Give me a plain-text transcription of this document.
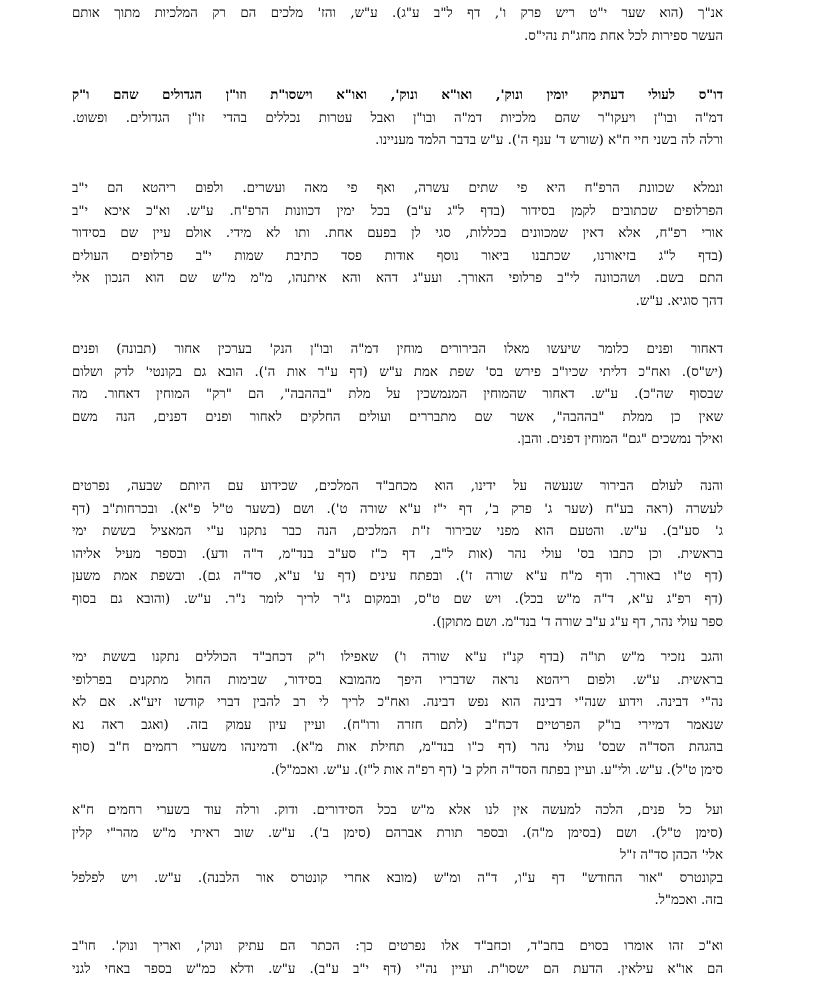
אנ"ך (הוא שער י"ט ריש פרק ו', דף ל"ב ע"ג). ע"ש, והז' מלכים הם רק המלכיות מתוך אותם
העשר ספירות לכל אחת מחג"ת נהי"ס.
דו"ס לעולי דעתיק יומין ונוק', ואו"א ונוק', ואו"א וישסו"ת וזו"ן הגדולים שהם ו"ק
דמ"ה ובו"ן ויעקו"ר שהם מלכיות דמ"ה ובו"ן ואבל עטרות נכללים בהדי זו"ן הגדולים. ופשוט.
ורלה לה בשני חיי ח"א (שורש ד' ענף ה'). ע"ש בדבר הלמד מעניינו.
ונמלא שכוונת הרפ"ח היא פי שתים עשרה, ואף פי מאה ועשרים. ולפום ריהטא הם י"ב
הפרלופים שכתובים לקמן בסידור (בדף ל"ג ע"ב) בכל ימין דכוונות הרפ"ח. ע"ש. וא"כ איכא י"ב
אורי רפ"ח, אלא דאין שמכוונים בכללות, סגי לן בפעם אחת. ותו לא מידי. אולם עיין שם בסידור
(בדף ל"ג בזיאורנו, שכתבנו ביאור נוסף אודות פסד כתיבת שמות י"ב פרלופים העולים
התם בשם. ושהכוונה לי"ב פרלופי האורך. ועע"ג דהא והא איתנהו, מ"מ מ"ש שם הוא הנכון אלי
דהך סוגיא. ע"ש.
דאחור ופנים כלומר שיעשו מאלו הבירורים מוחין דמ"ה ובו"ן הנק' בערכין אחור (תבונה) ופנים
(יש"ס). ואח"כ דליתי שכיו"ב פירש בס' שפת אמת ע"ש (דף ע"ר אות ה'). הובא גם בקונטי' לדק ושלום
שבסוף שה"כ). ע"ש. דאחור שהמוחין המנמשכין על מלת "בההבה", הם "רק" המוחין דאחור. מה
שאין כן ממלת "בההבה", אשר שם מתבררים ועולים החלקים לאחור ופנים דפנים, הנה משם
ואילך נמשכים "גם" המוחין דפנים. והבן.
והנה לעולם הבירור שנעשה על ידינו, הוא מכחב"ד המלכים, שכידוע עם היותם שבעה, נפרטים
לעשרה (ראה בע"ח (שער ג' פרק ב', דף י"ז ע"א שורה ט'). ושם (בשער ט"ל פ"א). ובכרחות"ב (דף
ג' סע"ב). ע"ש. והטעם הוא מפני שבירור ז"ת המלכים, הנה כבר נתקנו ע"י המאציל בששת ימי
בראשית. וכן כתבו בס' עולי נהר (אות ל"ב, דף כ"ז סע"ב בנד"מ, ד"ה ודע). ובספר מעיל אליהו
(דף ט"ו באורך. ודף מ"ח ע"א שורה ז'). ובפתח עינים (דף ע' ע"א, סד"ה גם). ובשפת אמת משען
(דף רפ"ג ע"א, ד"ה מ"ש בכל). ויש שם ט"ס, ובמקום ג"ר לריך לומר נ"ר. ע"ש. (והובא גם בסוף
ספר עולי נהר, דף ע"ג ע"ב שורה ד' בנד"מ. ושם מתוקן).
והגב נזכיר מ"ש תו"ה (בדף קנ"ז ע"א שורה ו') שאפילו ו"ק דכחב"ד הכוללים נתקנו בששת ימי
בראשית. ע"ש. ולפום ריהטא נראה שדבריו היפך מהמובא בסידור, שבימות החול מתקנים בפרלופי
נה"י דבינה. וידוע שנה"י דבינה הוא נפש דבינה. ואח"כ לריך לי רב להבין דברי קודשו זיע"א. אם לא
שנאמר דמיירי בו"ק הפרטיים דכח"ב (לתם חזרה ורו"ח). ועיין עיון עמוק בזה. (ואגב ראה נא
בהגהת הסד"ה שבס' עולי נהר (דף כ"ו בנד"מ, תחילת אות מ"א). ודמינהו משערי רחמים ח"ב (סוף
סימן ט"ל). ע"ש. ולי"ע. ועיין בפתח הסד"ה חלק ב' (דף רפ"ה אות ל"ז). ע"ש. ואכמ"ל).
ועל כל פנים, הלכה למעשה אין לנו אלא מ"ש בכל הסידורים. ודוק. ורלה עוד בשערי רחמים ח"א
(סימן ט"ל). ושם (בסימן מ"ה). ובספר תורת אברהם (סימן ב'). ע"ש. שוב ראיתי מ"ש מהר"י קלין
אלי' הכהן סד"ה ז"ל
בקונטרס "אור החודש" דף ע"ו, ד"ה ומ"ש (מובא אחרי קונטרס אור הלבנה). ע"ש. ויש לפלפל
בזה. ואכמ"ל.
וא"כ זהו אומרו בסוים בחב"ד, וכחב"ד אלו נפרטים כך: הכתר הם עתיק ונוק', ואריך ונוק'. חו"ב
הם או"א עילאין. הדעת הם ישסו"ת. ועיין נה"י (דף י"ב ע"ב). ע"ש. ודלא כמ"ש בספר באחי לגני
